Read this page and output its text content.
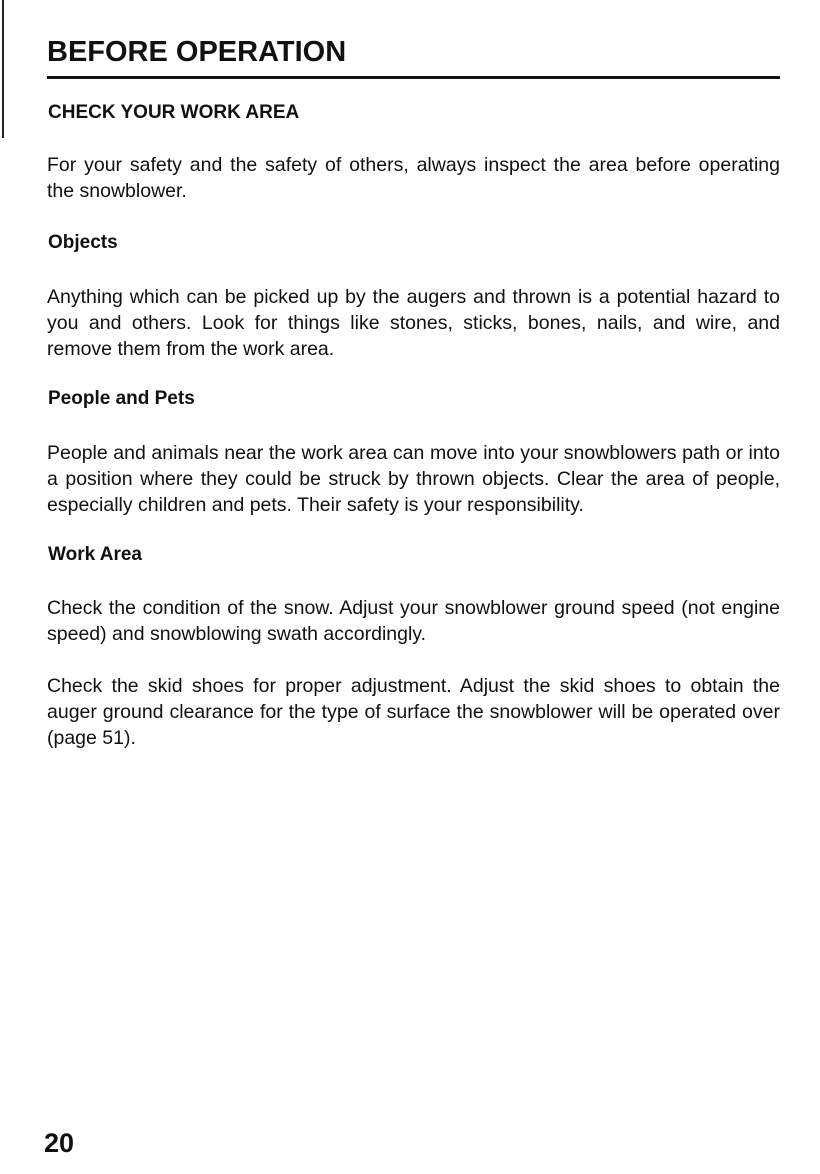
BEFORE OPERATION
CHECK YOUR WORK AREA

For your safety and the safety of others, always inspect the area before operating the snowblower.

Objects

Anything which can be picked up by the augers and thrown is a potential hazard to you and others. Look for things like stones, sticks, bones, nails, and wire, and remove them from the work area.

People and Pets

People and animals near the work area can move into your snowblowers path or into a position where they could be struck by thrown objects. Clear the area of people, especially children and pets. Their safety is your responsibility.

Work Area

Check the condition of the snow. Adjust your snowblower ground speed (not engine speed) and snowblowing swath accordingly.

Check the skid shoes for proper adjustment. Adjust the skid shoes to obtain the auger ground clearance for the type of surface the snowblower will be operated over (page 51).

20
